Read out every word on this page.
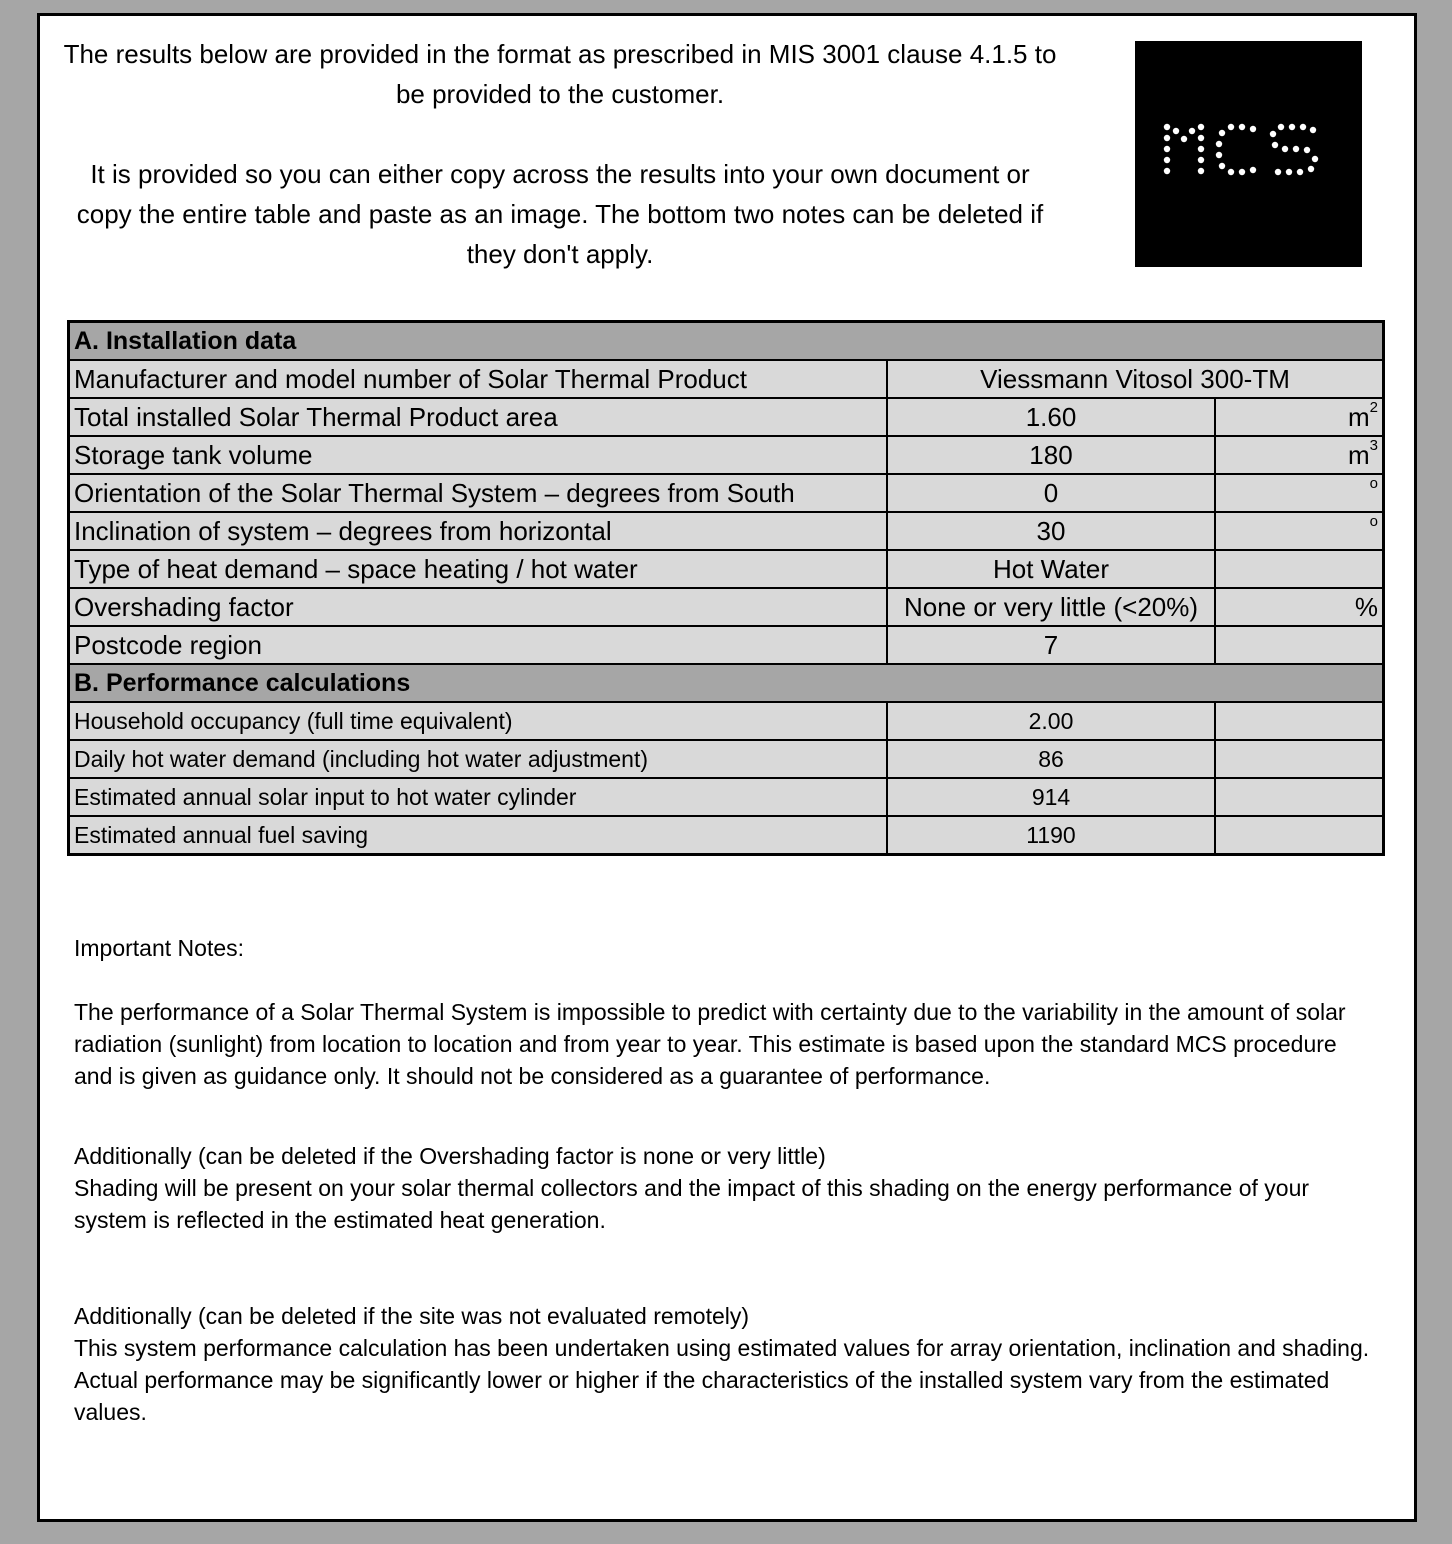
The results below are provided in the format as prescribed in MIS 3001 clause 4.1.5 to be provided to the customer.

It is provided so you can either copy across the results into your own document or copy the entire table and paste as an image. The bottom two notes can be deleted if they don't apply.

A. Installation data		
Manufacturer and model number of Solar Thermal Product	Viessmann Vitosol 300-TM	
Total installed Solar Thermal Product area	1.60	$m^2$
Storage tank volume	180	$m^3$
Orientation of the Solar Thermal System – degrees from South	0	o

Inclination of system – degrees from horizontal	30	o

Type of heat demand – space heating / hot water	Hot Water	
Overshading factor	None or very little (<20%)	%
Postcode region	7	
B. Performance calculations		
Household occupancy (full time equivalent)	2.00	
Daily hot water demand (including hot water adjustment)	86	
Estimated annual solar input to hot water cylinder	914	
Estimated annual fuel saving	1190	

Important Notes:

The performance of a Solar Thermal System is impossible to predict with certainty due to the variability in the amount of solar radiation (sunlight) from location to location and from year to year. This estimate is based upon the standard MCS procedure and is given as guidance only. It should not be considered as a guarantee of performance.

Additionally (can be deleted if the Overshading factor is none or very little)

Shading will be present on your solar thermal collectors and the impact of this shading on the energy performance of your system is reflected in the estimated heat generation.

Additionally (can be deleted if the site was not evaluated remotely)

This system performance calculation has been undertaken using estimated values for array orientation, inclination and shading. Actual performance may be significantly lower or higher if the characteristics of the installed system vary from the estimated values.
